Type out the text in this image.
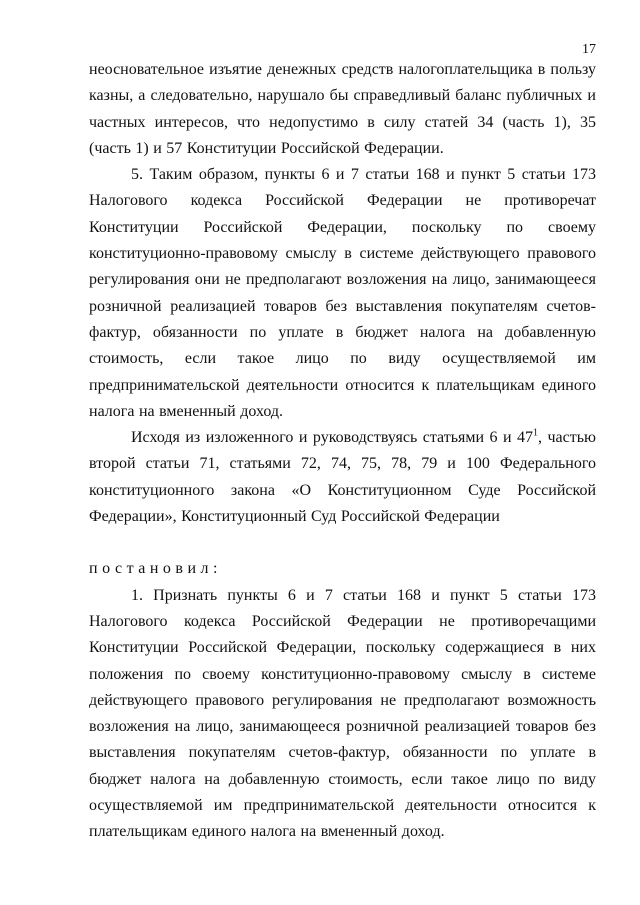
17

неосновательное изъятие денежных средств налогоплательщика в пользу казны, а следовательно, нарушало бы справедливый баланс публичных и частных интересов, что недопустимо в силу статей 34 (часть 1), 35 (часть 1) и 57 Конституции Российской Федерации.

5. Таким образом, пункты 6 и 7 статьи 168 и пункт 5 статьи 173 Налогового кодекса Российской Федерации не противоречат Конституции Российской Федерации, поскольку по своему конституционно-правовому смыслу в системе действующего правового регулирования они не предполагают возложения на лицо, занимающееся розничной реализацией товаров без выставления покупателям счетов-фактур, обязанности по уплате в бюджет налога на добавленную стоимость, если такое лицо по виду осуществляемой им предпринимательской деятельности относится к плательщикам единого налога на вмененный доход.

Исходя из изложенного и руководствуясь статьями 6 и $47^1$, частью второй статьи 71, статьями 72, 74, 75, 78, 79 и 100 Федерального конституционного закона «О Конституционном Суде Российской Федерации», Конституционный Суд Российской Федерации

постановил:

1. Признать пункты 6 и 7 статьи 168 и пункт 5 статьи 173 Налогового кодекса Российской Федерации не противоречащими Конституции Российской Федерации, поскольку содержащиеся в них положения по своему конституционно-правовому смыслу в системе действующего правового регулирования не предполагают возможность возложения на лицо, занимающееся розничной реализацией товаров без выставления покупателям счетов-фактур, обязанности по уплате в бюджет налога на добавленную стоимость, если такое лицо по виду осуществляемой им предпринимательской деятельности относится к плательщикам единого налога на вмененный доход.
